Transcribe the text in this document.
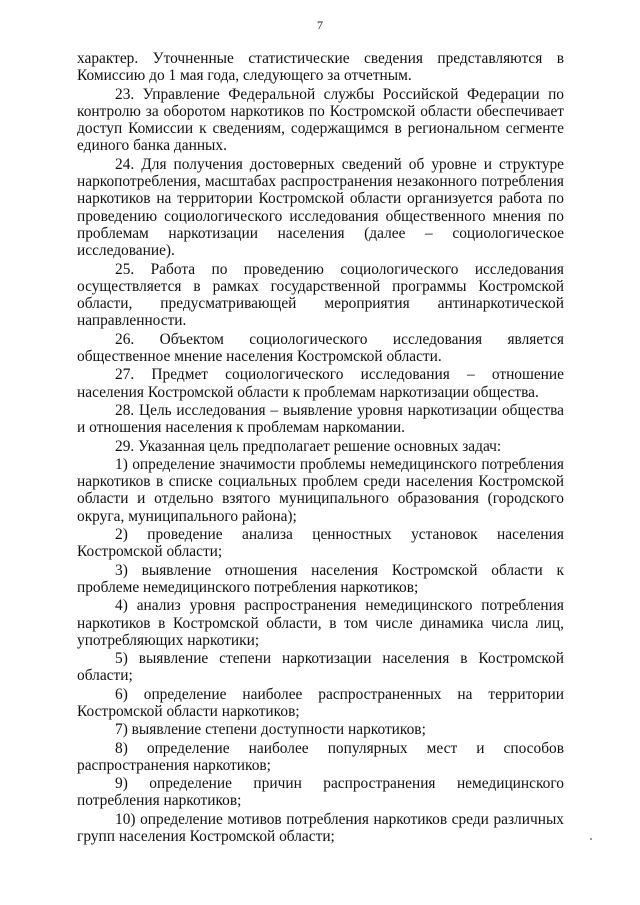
7

характер. Уточненные статистические сведения представляются в Комиссию до 1 мая года, следующего за отчетным.

23. Управление Федеральной службы Российской Федерации по контролю за оборотом наркотиков по Костромской области обеспечивает доступ Комиссии к сведениям, содержащимся в региональном сегменте единого банка данных.

24. Для получения достоверных сведений об уровне и структуре наркопотребления, масштабах распространения незаконного потребления наркотиков на территории Костромской области организуется работа по проведению социологического исследования общественного мнения по проблемам наркотизации населения (далее – социологическое исследование).

25. Работа по проведению социологического исследования осуществляется в рамках государственной программы Костромской области, предусматривающей мероприятия антинаркотической направленности.

26. Объектом социологического исследования является общественное мнение населения Костромской области.

27. Предмет социологического исследования – отношение населения Костромской области к проблемам наркотизации общества.

28. Цель исследования – выявление уровня наркотизации общества и отношения населения к проблемам наркомании.

29. Указанная цель предполагает решение основных задач:

1) определение значимости проблемы немедицинского потребления наркотиков в списке социальных проблем среди населения Костромской области и отдельно взятого муниципального образования (городского округа, муниципального района);

2) проведение анализа ценностных установок населения Костромской области;

3) выявление отношения населения Костромской области к проблеме немедицинского потребления наркотиков;

4) анализ уровня распространения немедицинского потребления наркотиков в Костромской области, в том числе динамика числа лиц, употребляющих наркотики;

5) выявление степени наркотизации населения в Костромской области;

6) определение наиболее распространенных на территории Костромской области наркотиков;

7) выявление степени доступности наркотиков;

8) определение наиболее популярных мест и способов распространения наркотиков;

9) определение причин распространения немедицинского потребления наркотиков;

10) определение мотивов потребления наркотиков среди различных групп населения Костромской области;
